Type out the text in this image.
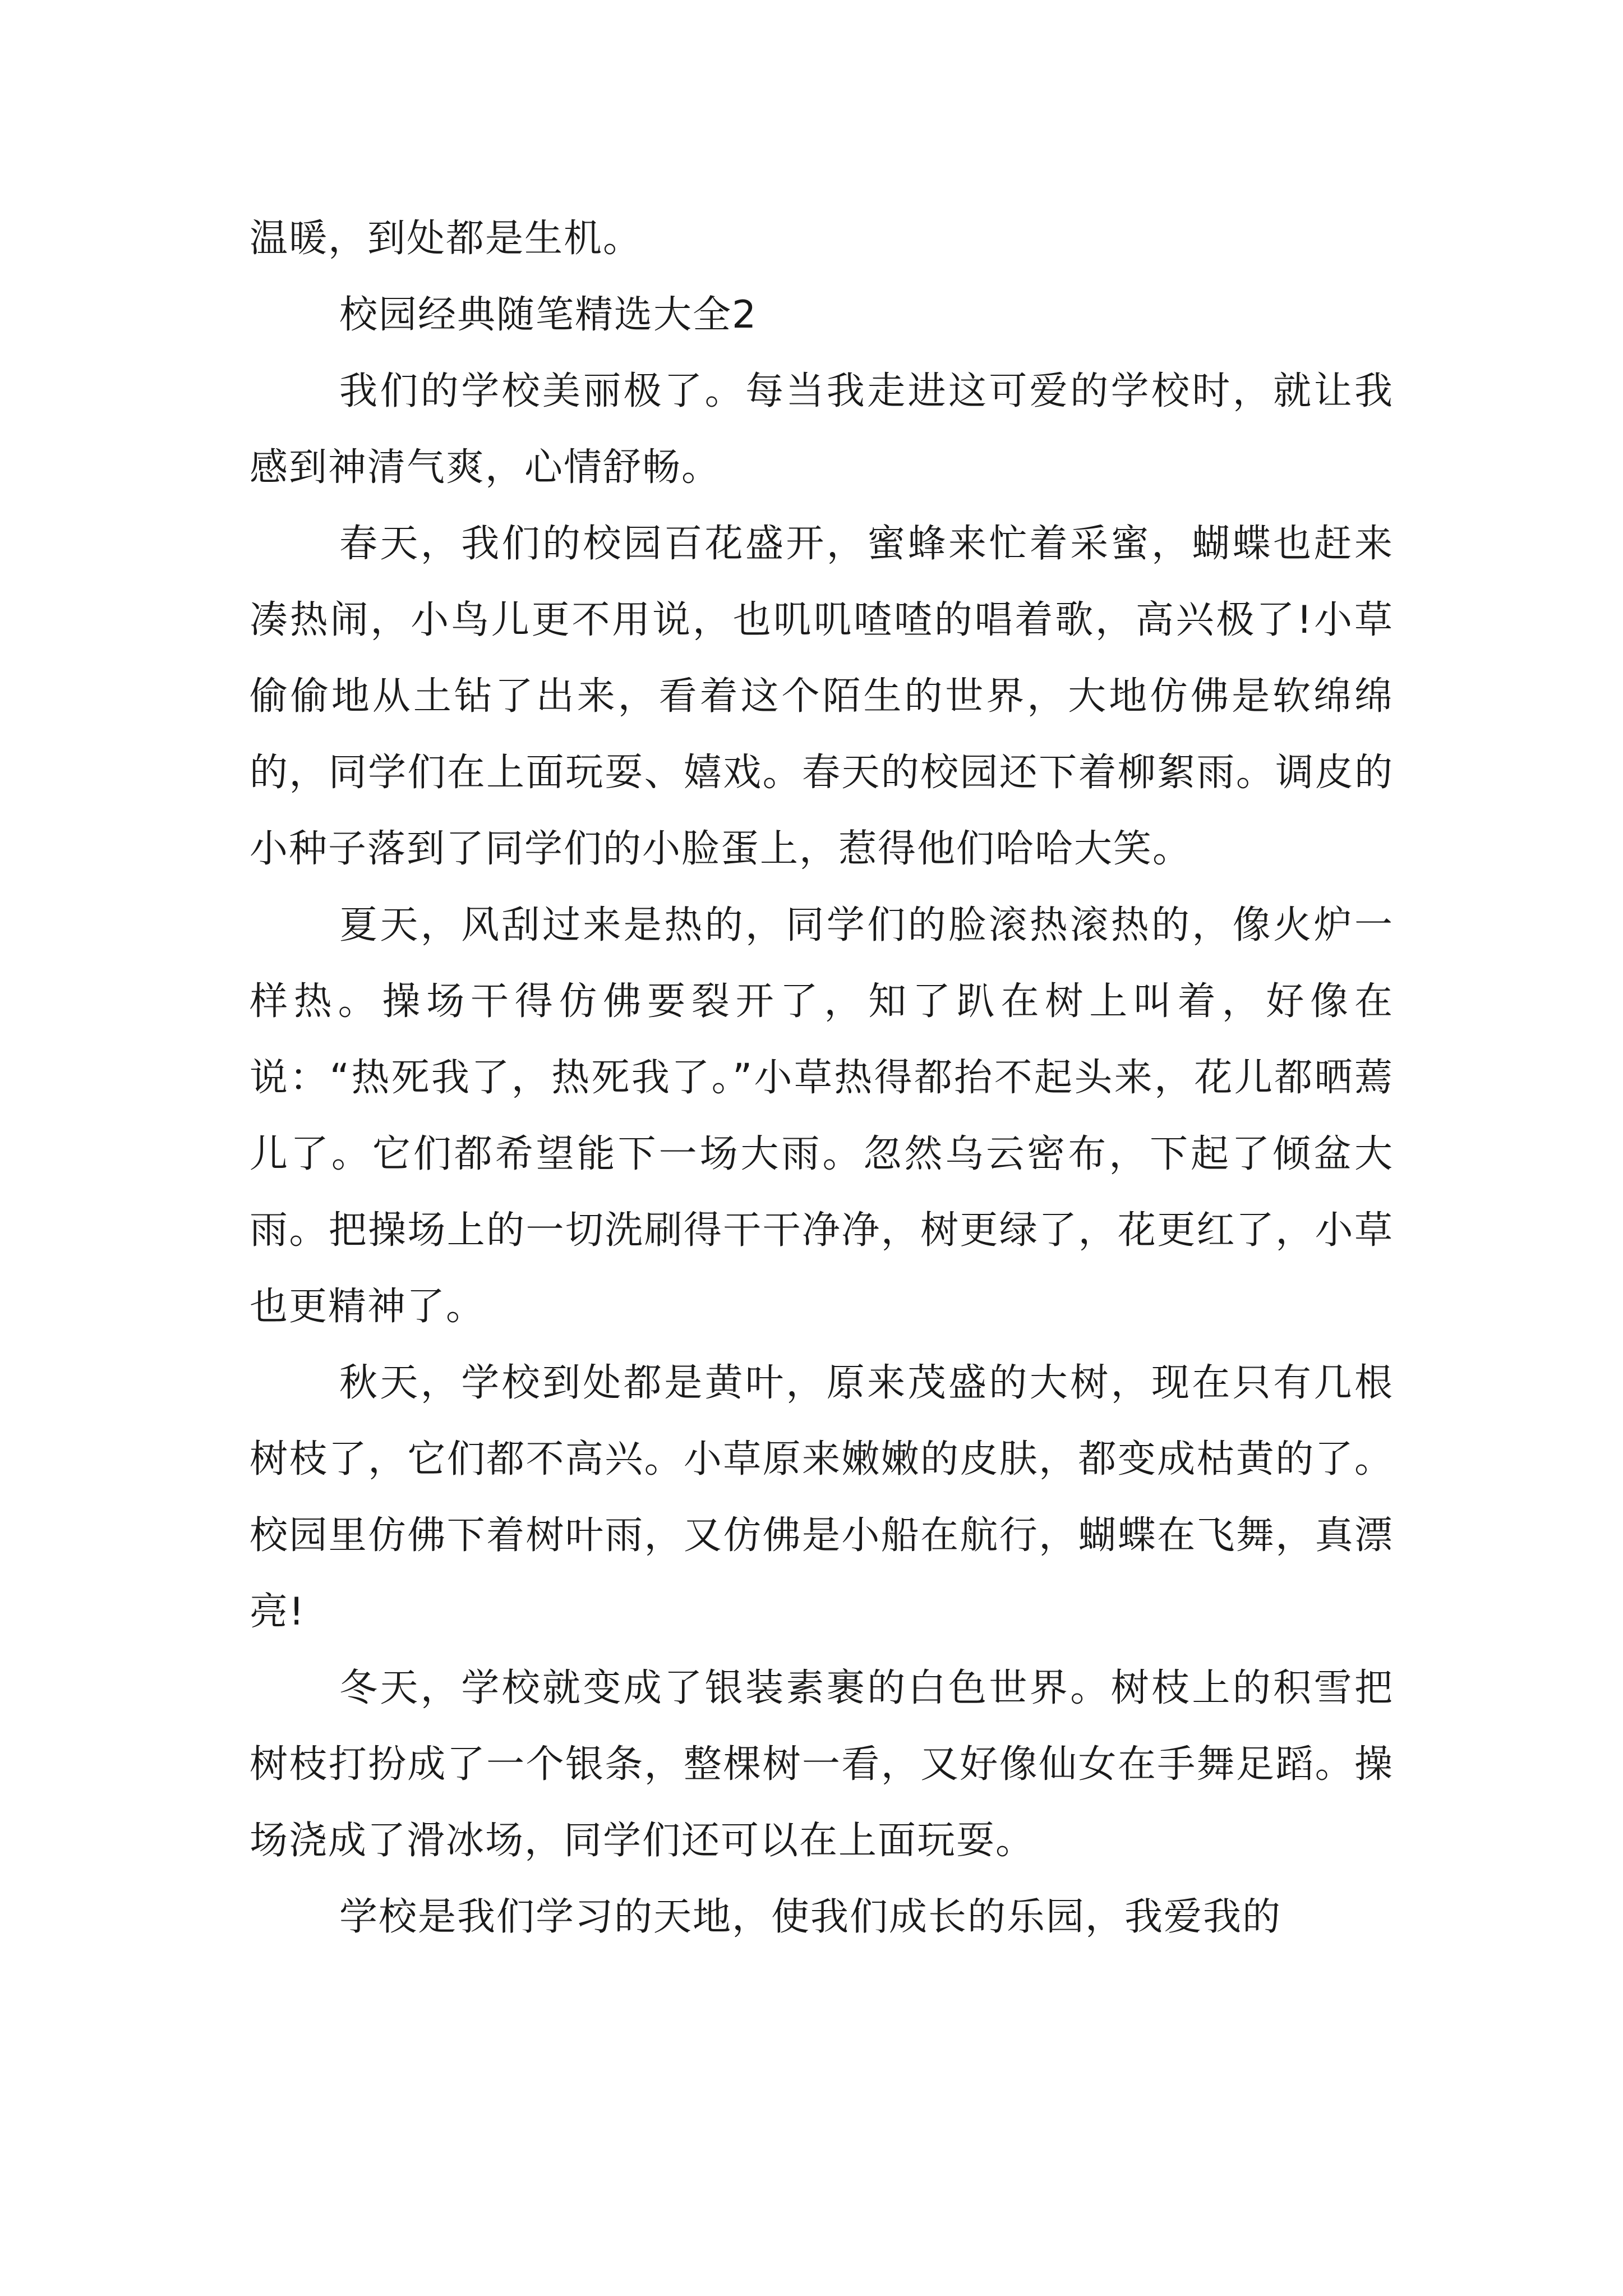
温暖，到处都是生机。

校园经典随笔精选大全2

我们的学校美丽极了。每当我走进这可爱的学校时，就让我感到神清气爽，心情舒畅。

春天，我们的校园百花盛开，蜜蜂来忙着采蜜，蝴蝶也赶来凑热闹，小鸟儿更不用说，也叽叽喳喳的唱着歌，高兴极了!小草偷偷地从土钻了出来，看着这个陌生的世界，大地仿佛是软绵绵的，同学们在上面玩耍、嬉戏。春天的校园还下着柳絮雨。调皮的小种子落到了同学们的小脸蛋上，惹得他们哈哈大笑。

夏天，风刮过来是热的，同学们的脸滚热滚热的，像火炉一样热。操场干得仿佛要裂开了，知了趴在树上叫着，好像在说：“热死我了，热死我了。”小草热得都抬不起头来，花儿都晒蔫儿了。它们都希望能下一场大雨。忽然乌云密布，下起了倾盆大雨。把操场上的一切洗刷得干干净净，树更绿了，花更红了，小草也更精神了。

秋天，学校到处都是黄叶，原来茂盛的大树，现在只有几根树枝了，它们都不高兴。小草原来嫩嫩的皮肤，都变成枯黄的了。校园里仿佛下着树叶雨，又仿佛是小船在航行，蝴蝶在飞舞，真漂亮!

冬天，学校就变成了银装素裹的白色世界。树枝上的积雪把树枝打扮成了一个银条，整棵树一看，又好像仙女在手舞足蹈。操场浇成了滑冰场，同学们还可以在上面玩耍。

学校是我们学习的天地，使我们成长的乐园，我爱我的
